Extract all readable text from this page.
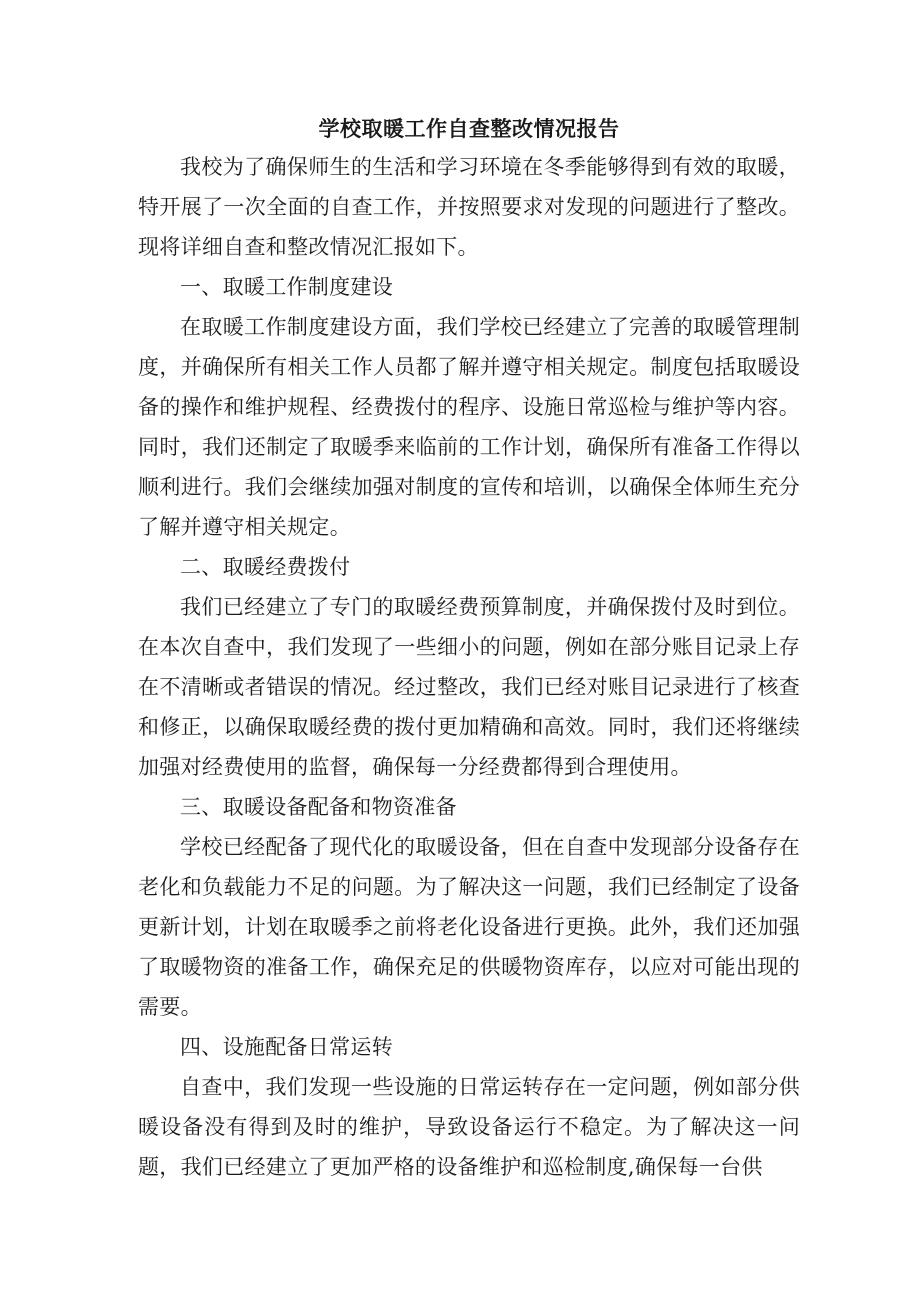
学校取暖工作自查整改情况报告

我校为了确保师生的生活和学习环境在冬季能够得到有效的取暖，特开展了一次全面的自查工作，并按照要求对发现的问题进行了整改。现将详细自查和整改情况汇报如下。

一、取暖工作制度建设

在取暖工作制度建设方面，我们学校已经建立了完善的取暖管理制度，并确保所有相关工作人员都了解并遵守相关规定。制度包括取暖设备的操作和维护规程、经费拨付的程序、设施日常巡检与维护等内容。同时，我们还制定了取暖季来临前的工作计划，确保所有准备工作得以顺利进行。我们会继续加强对制度的宣传和培训，以确保全体师生充分了解并遵守相关规定。

二、取暖经费拨付

我们已经建立了专门的取暖经费预算制度，并确保拨付及时到位。在本次自查中，我们发现了一些细小的问题，例如在部分账目记录上存在不清晰或者错误的情况。经过整改，我们已经对账目记录进行了核查和修正，以确保取暖经费的拨付更加精确和高效。同时，我们还将继续加强对经费使用的监督，确保每一分经费都得到合理使用。

三、取暖设备配备和物资准备

学校已经配备了现代化的取暖设备，但在自查中发现部分设备存在老化和负载能力不足的问题。为了解决这一问题，我们已经制定了设备更新计划，计划在取暖季之前将老化设备进行更换。此外，我们还加强了取暖物资的准备工作，确保充足的供暖物资库存，以应对可能出现的需要。

四、设施配备日常运转

自查中，我们发现一些设施的日常运转存在一定问题，例如部分供暖设备没有得到及时的维护，导致设备运行不稳定。为了解决这一问题，我们已经建立了更加严格的设备维护和巡检制度,确保每一台供
